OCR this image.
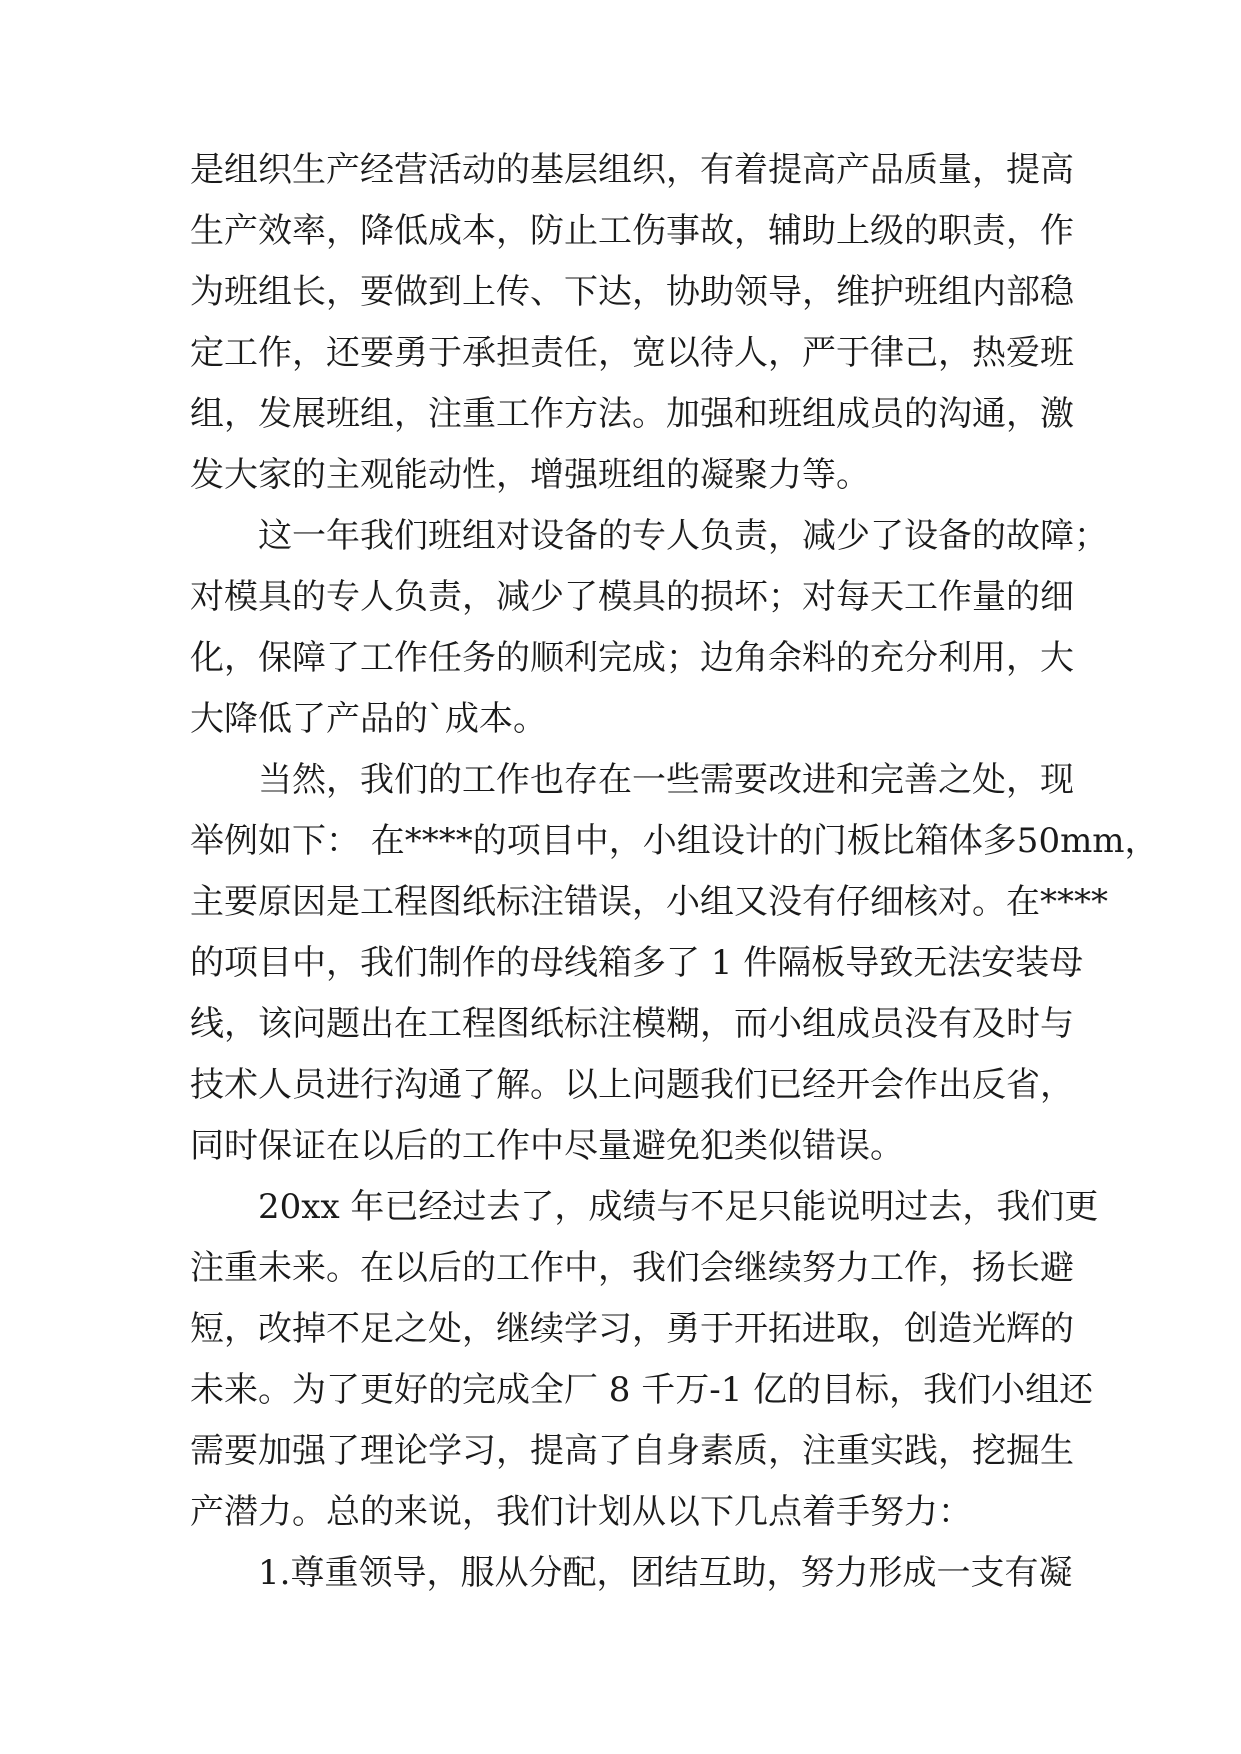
是组织生产经营活动的基层组织，有着提高产品质量，提高
生产效率，降低成本，防止工伤事故，辅助上级的职责，作
为班组长，要做到上传、下达，协助领导，维护班组内部稳
定工作，还要勇于承担责任，宽以待人，严于律己，热爱班
组，发展班组，注重工作方法。加强和班组成员的沟通，激
发大家的主观能动性，增强班组的凝聚力等。
这一年我们班组对设备的专人负责，减少了设备的故障；
对模具的专人负责，减少了模具的损坏；对每天工作量的细
化，保障了工作任务的顺利完成；边角余料的充分利用，大
大降低了产品的`成本。
当然，我们的工作也存在一些需要改进和完善之处，现
举例如下： 在****的项目中，小组设计的门板比箱体多50mm，
主要原因是工程图纸标注错误，小组又没有仔细核对。在****
的项目中，我们制作的母线箱多了 1 件隔板导致无法安装母
线，该问题出在工程图纸标注模糊，而小组成员没有及时与
技术人员进行沟通了解。以上问题我们已经开会作出反省，
同时保证在以后的工作中尽量避免犯类似错误。
20xx 年已经过去了，成绩与不足只能说明过去，我们更
注重未来。在以后的工作中，我们会继续努力工作，扬长避
短，改掉不足之处，继续学习，勇于开拓进取，创造光辉的
未来。为了更好的完成全厂 8 千万-1 亿的目标，我们小组还
需要加强了理论学习，提高了自身素质，注重实践，挖掘生
产潜力。总的来说，我们计划从以下几点着手努力：
1.尊重领导，服从分配，团结互助，努力形成一支有凝
